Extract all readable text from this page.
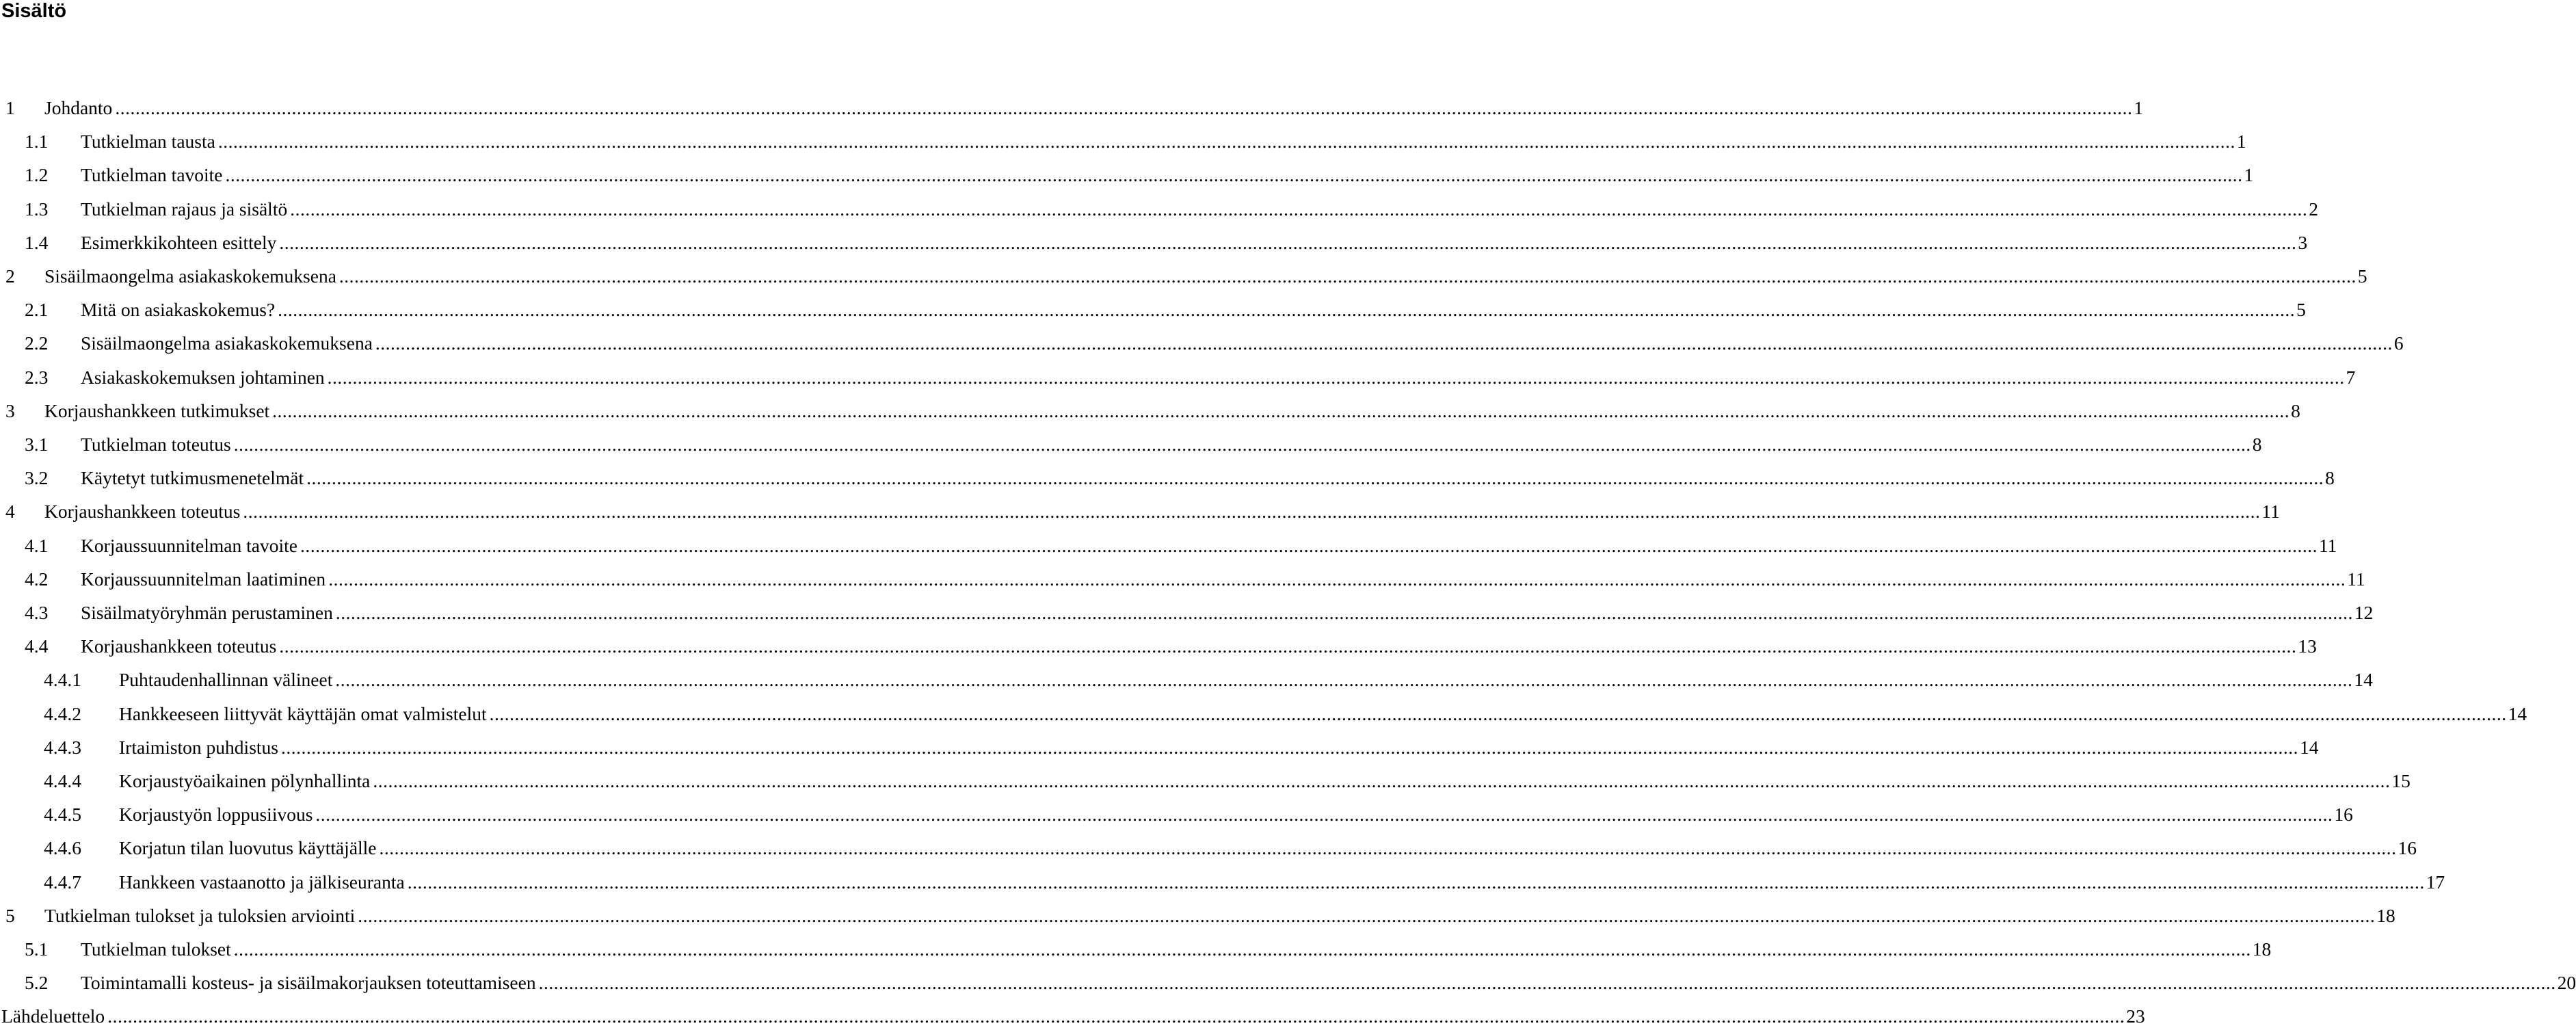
Sisältö
1 Johdanto ................................................................................................................................................................................................................................................................................................................................................................................................................ 1
1.1 Tutkielman tausta ................................................................................................................................................................................................................................................................................................................................................................................................................ 1
1.2 Tutkielman tavoite ................................................................................................................................................................................................................................................................................................................................................................................................................ 1
1.3 Tutkielman rajaus ja sisältö ................................................................................................................................................................................................................................................................................................................................................................................................................ 2
1.4 Esimerkkikohteen esittely ................................................................................................................................................................................................................................................................................................................................................................................................................ 3
2 Sisäilmaongelma asiakaskokemuksena ................................................................................................................................................................................................................................................................................................................................................................................................................ 5
2.1 Mitä on asiakaskokemus? ................................................................................................................................................................................................................................................................................................................................................................................................................ 5
2.2 Sisäilmaongelma asiakaskokemuksena ................................................................................................................................................................................................................................................................................................................................................................................................................ 6
2.3 Asiakaskokemuksen johtaminen ................................................................................................................................................................................................................................................................................................................................................................................................................ 7
3 Korjaushankkeen tutkimukset ................................................................................................................................................................................................................................................................................................................................................................................................................ 8
3.1 Tutkielman toteutus ................................................................................................................................................................................................................................................................................................................................................................................................................ 8
3.2 Käytetyt tutkimusmenetelmät ................................................................................................................................................................................................................................................................................................................................................................................................................ 8
4 Korjaushankkeen toteutus ................................................................................................................................................................................................................................................................................................................................................................................................................ 11
4.1 Korjaussuunnitelman tavoite ................................................................................................................................................................................................................................................................................................................................................................................................................ 11
4.2 Korjaussuunnitelman laatiminen ................................................................................................................................................................................................................................................................................................................................................................................................................ 11
4.3 Sisäilmatyöryhmän perustaminen ................................................................................................................................................................................................................................................................................................................................................................................................................ 12
4.4 Korjaushankkeen toteutus ................................................................................................................................................................................................................................................................................................................................................................................................................ 13
4.4.1 Puhtaudenhallinnan välineet ................................................................................................................................................................................................................................................................................................................................................................................................................ 14
4.4.2 Hankkeeseen liittyvät käyttäjän omat valmistelut ................................................................................................................................................................................................................................................................................................................................................................................................................ 14
4.4.3 Irtaimiston puhdistus ................................................................................................................................................................................................................................................................................................................................................................................................................ 14
4.4.4 Korjaustyöaikainen pölynhallinta ................................................................................................................................................................................................................................................................................................................................................................................................................ 15
4.4.5 Korjaustyön loppusiivous ................................................................................................................................................................................................................................................................................................................................................................................................................ 16
4.4.6 Korjatun tilan luovutus käyttäjälle ................................................................................................................................................................................................................................................................................................................................................................................................................ 16
4.4.7 Hankkeen vastaanotto ja jälkiseuranta ................................................................................................................................................................................................................................................................................................................................................................................................................ 17
5 Tutkielman tulokset ja tuloksien arviointi ................................................................................................................................................................................................................................................................................................................................................................................................................ 18
5.1 Tutkielman tulokset ................................................................................................................................................................................................................................................................................................................................................................................................................ 18
5.2 Toimintamalli kosteus- ja sisäilmakorjauksen toteuttamiseen ................................................................................................................................................................................................................................................................................................................................................................................................................ 20
Lähdeluettelo ................................................................................................................................................................................................................................................................................................................................................................................................................ 23
